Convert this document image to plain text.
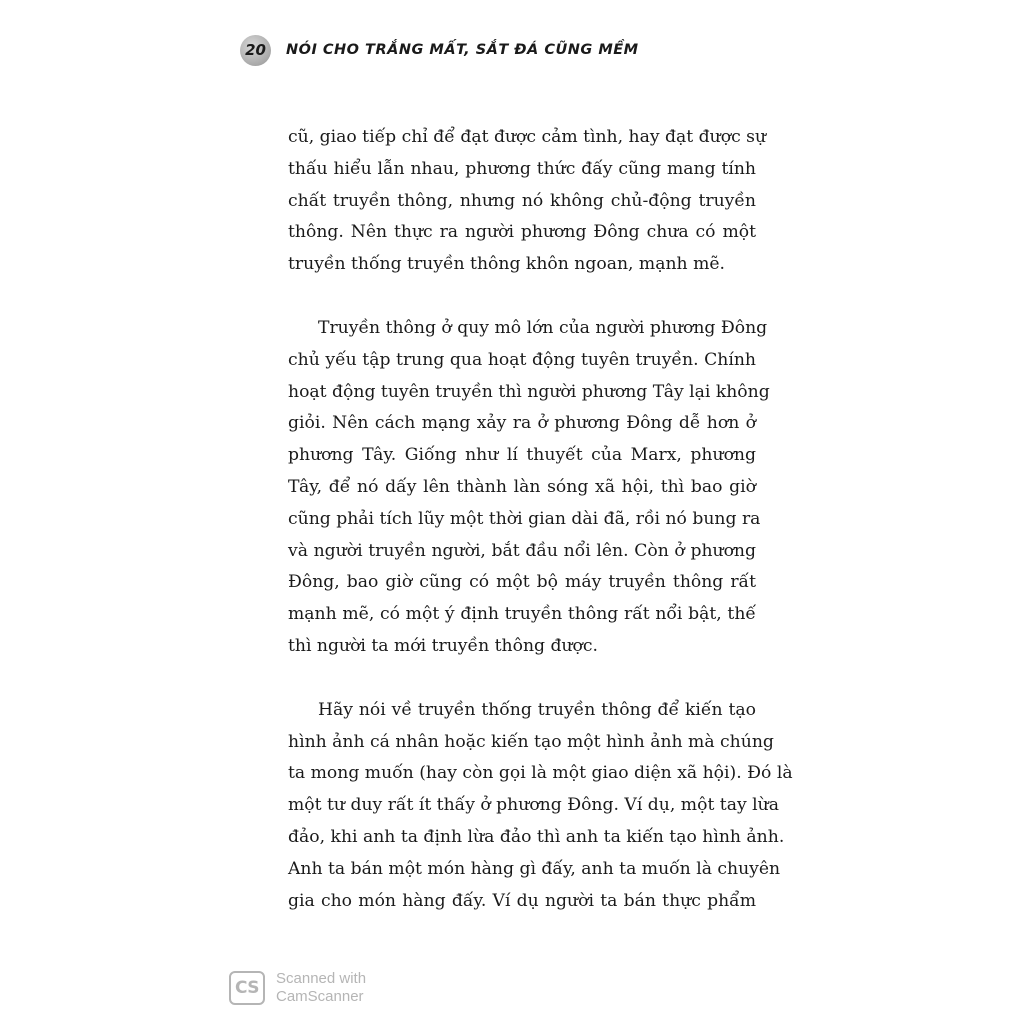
20	NÓI CHO TRẮNG MẤT, SẮT ĐÁ CŨNG MỀM
cũ, giao tiếp chỉ để đạt được cảm tình, hay đạt được sự
thấu hiểu lẫn nhau, phương thức đấy cũng mang tính
chất truyền thông, nhưng nó không chủ-động truyền
thông. Nên thực ra người phương Đông chưa có một
truyền thống truyền thông khôn ngoan, mạnh mẽ.
Truyền thông ở quy mô lớn của người phương Đông
chủ yếu tập trung qua hoạt động tuyên truyền. Chính
hoạt động tuyên truyền thì người phương Tây lại không
giỏi. Nên cách mạng xảy ra ở phương Đông dễ hơn ở
phương Tây. Giống như lí thuyết của Marx, phương
Tây, để nó dấy lên thành làn sóng xã hội, thì bao giờ
cũng phải tích lũy một thời gian dài đã, rồi nó bung ra
và người truyền người, bắt đầu nổi lên. Còn ở phương
Đông, bao giờ cũng có một bộ máy truyền thông rất
mạnh mẽ, có một ý định truyền thông rất nổi bật, thế
thì người ta mới truyền thông được.
Hãy nói về truyền thống truyền thông để kiến tạo
hình ảnh cá nhân hoặc kiến tạo một hình ảnh mà chúng
ta mong muốn (hay còn gọi là một giao diện xã hội). Đó là
một tư duy rất ít thấy ở phương Đông. Ví dụ, một tay lừa
đảo, khi anh ta định lừa đảo thì anh ta kiến tạo hình ảnh.
Anh ta bán một món hàng gì đấy, anh ta muốn là chuyên
gia cho món hàng đấy. Ví dụ người ta bán thực phẩm
CS	Scanned with
CamScanner
